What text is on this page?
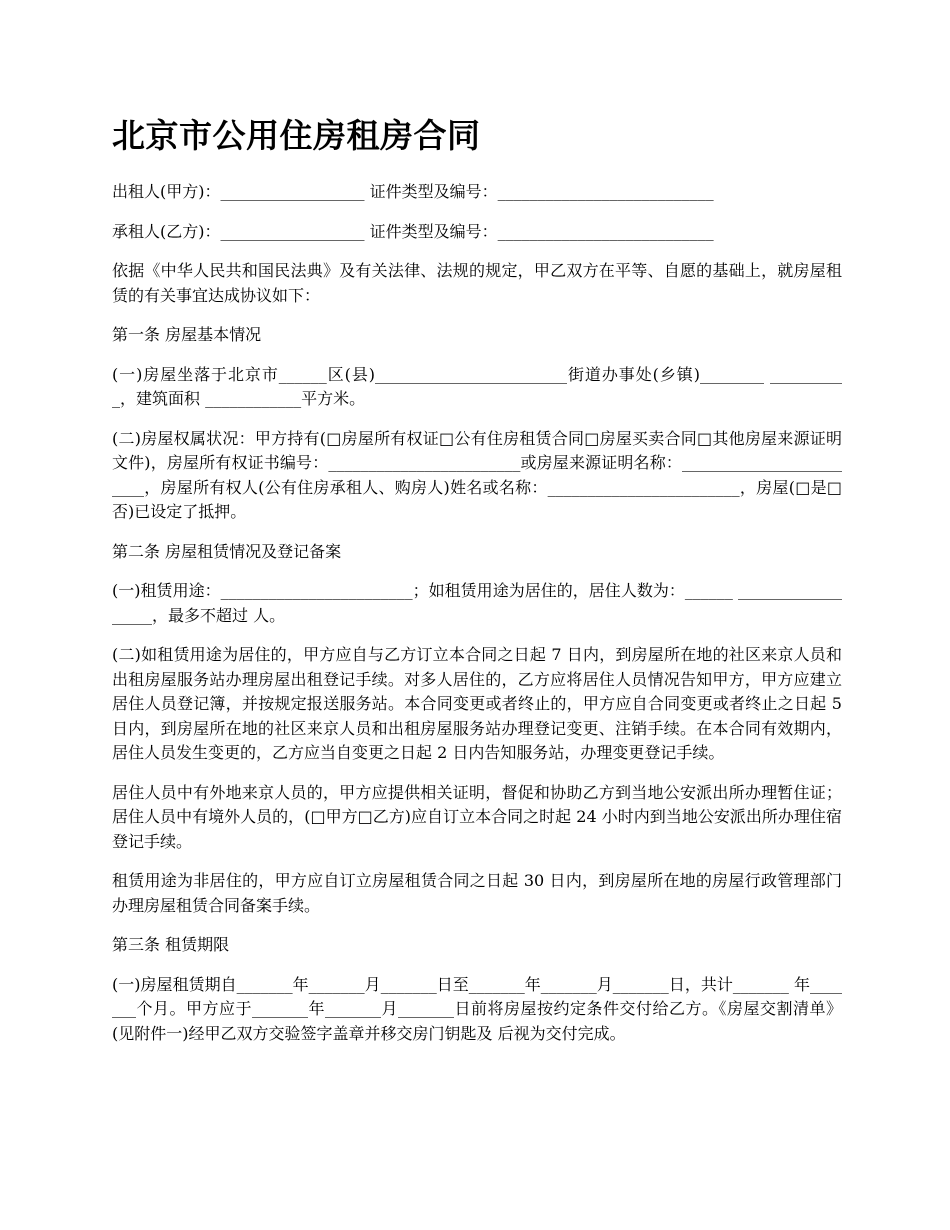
北京市公用住房租房合同

出租人(甲方)：__________________ 证件类型及编号：___________________________

承租人(乙方)：__________________ 证件类型及编号：___________________________

依据《中华人民共和国民法典》及有关法律、法规的规定，甲乙双方在平等、自愿的基础上，就房屋租赁的有关事宜达成协议如下：

第一条 房屋基本情况

(一)房屋坐落于北京市______区(县)________________________街道办事处(乡镇)________ __________，建筑面积 ____________平方米。

(二)房屋权属状况：甲方持有(□房屋所有权证□公有住房租赁合同□房屋买卖合同□其他房屋来源证明文件)，房屋所有权证书编号：________________________或房屋来源证明名称：________________________，房屋所有权人(公有住房承租人、购房人)姓名或名称：________________________，房屋(□是□否)已设定了抵押。

第二条 房屋租赁情况及登记备案

(一)租赁用途：________________________；如租赁用途为居住的，居住人数为：______ __________________，最多不超过 人。

(二)如租赁用途为居住的，甲方应自与乙方订立本合同之日起 7 日内，到房屋所在地的社区来京人员和出租房屋服务站办理房屋出租登记手续。对多人居住的，乙方应将居住人员情况告知甲方，甲方应建立居住人员登记簿，并按规定报送服务站。本合同变更或者终止的，甲方应自合同变更或者终止之日起 5 日内，到房屋所在地的社区来京人员和出租房屋服务站办理登记变更、注销手续。在本合同有效期内，居住人员发生变更的，乙方应当自变更之日起 2 日内告知服务站，办理变更登记手续。

居住人员中有外地来京人员的，甲方应提供相关证明，督促和协助乙方到当地公安派出所办理暂住证；居住人员中有境外人员的，(□甲方□乙方)应自订立本合同之时起 24 小时内到当地公安派出所办理住宿登记手续。

租赁用途为非居住的，甲方应自订立房屋租赁合同之日起 30 日内，到房屋所在地的房屋行政管理部门办理房屋租赁合同备案手续。

第三条 租赁期限

(一)房屋租赁期自_______年_______月_______日至_______年_______月_______日，共计_______ 年_______个月。甲方应于_______年_______月_______日前将房屋按约定条件交付给乙方。《房屋交割清单》(见附件一)经甲乙双方交验签字盖章并移交房门钥匙及 后视为交付完成。
